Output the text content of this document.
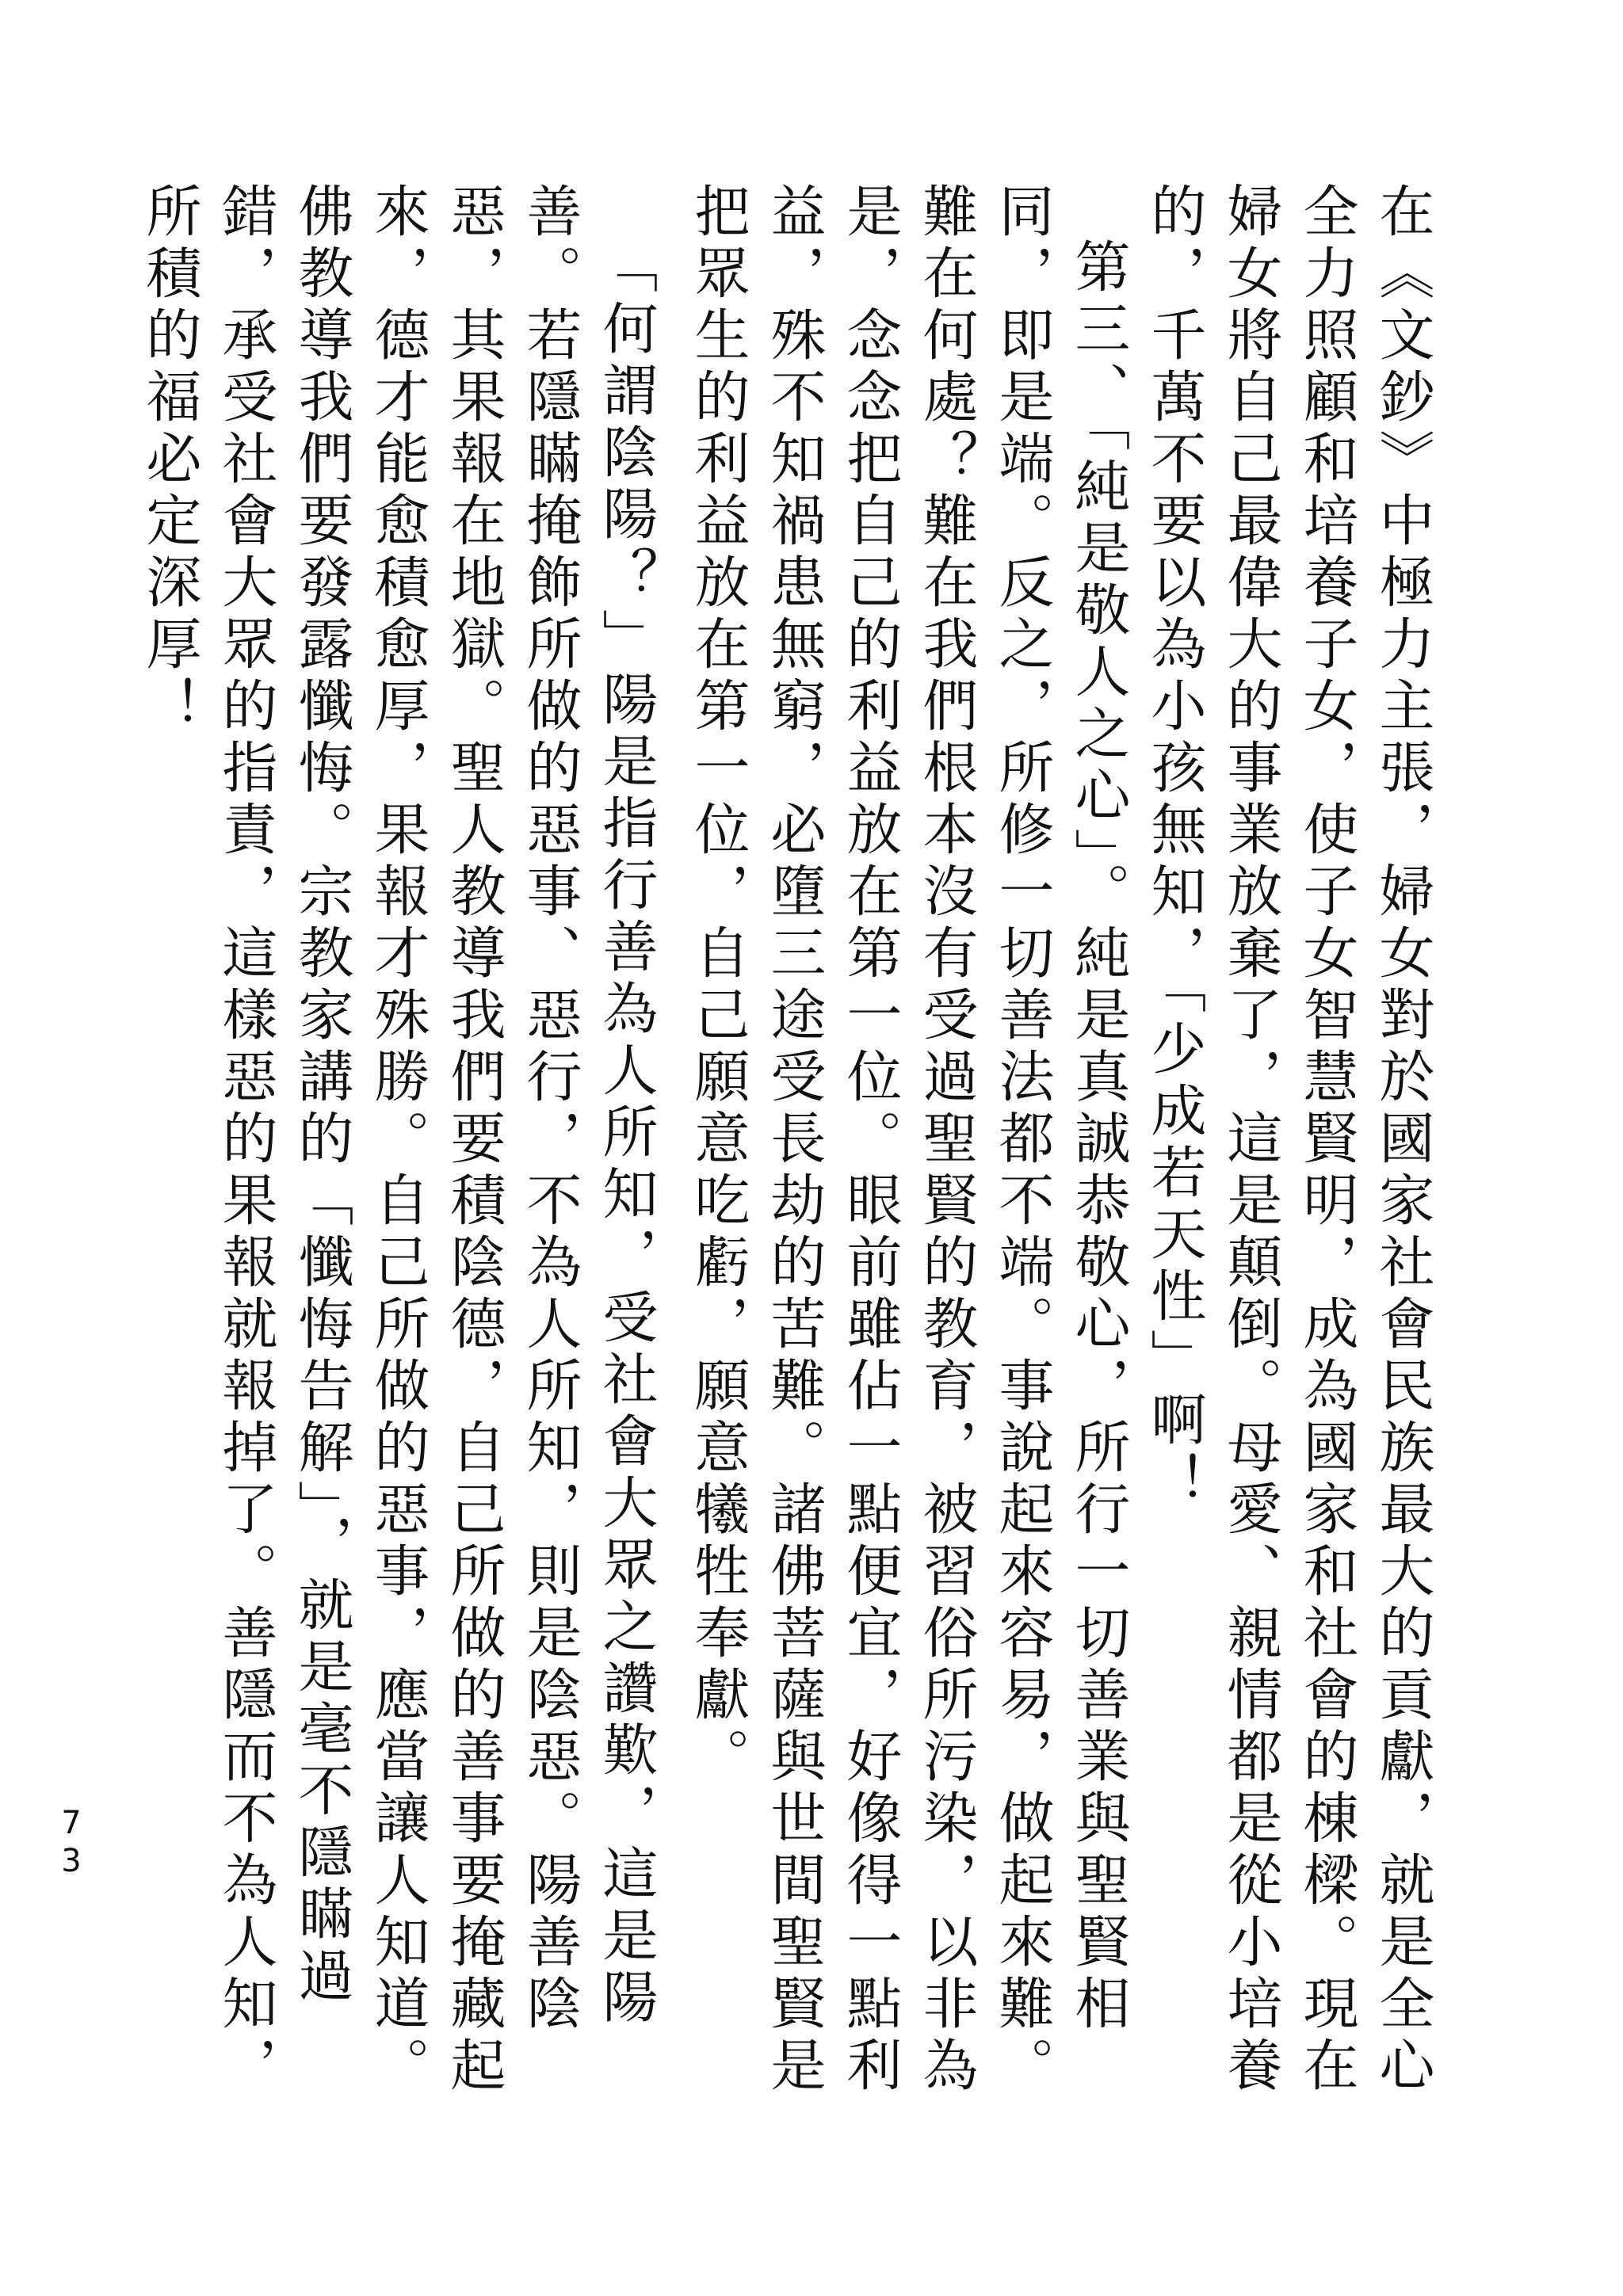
在《文鈔》中極力主張，婦女對於國家社會民族最大的貢獻，就是全心全力照顧和培養子女，使子女智慧賢明，成為國家和社會的棟樑。現在婦女將自己最偉大的事業放棄了，這是顛倒。母愛、親情都是從小培養的，千萬不要以為小孩無知，「少成若天性」啊！

第三、「純是敬人之心」。純是真誠恭敬心，所行一切善業與聖賢相同，即是端。反之，所修一切善法都不端。事說起來容易，做起來難。難在何處？難在我們根本沒有受過聖賢的教育，被習俗所污染，以非為是，念念把自己的利益放在第一位。眼前雖佔一點便宜，好像得一點利益，殊不知禍患無窮，必墮三途受長劫的苦難。諸佛菩薩與世間聖賢是把眾生的利益放在第一位，自己願意吃虧，願意犧牲奉獻。

「何謂陰陽？」陽是指行善為人所知，受社會大眾之讚歎，這是陽善。若隱瞞掩飾所做的惡事、惡行，不為人所知，則是陰惡。陽善陰惡，其果報在地獄。聖人教導我們要積陰德，自己所做的善事要掩藏起來，德才能愈積愈厚，果報才殊勝。自己所做的惡事，應當讓人知道。佛教導我們要發露懺悔。宗教家講的「懺悔告解」，就是毫不隱瞞過錯，承受社會大眾的指責，這樣惡的果報就報掉了。善隱而不為人知，所積的福必定深厚！

73
